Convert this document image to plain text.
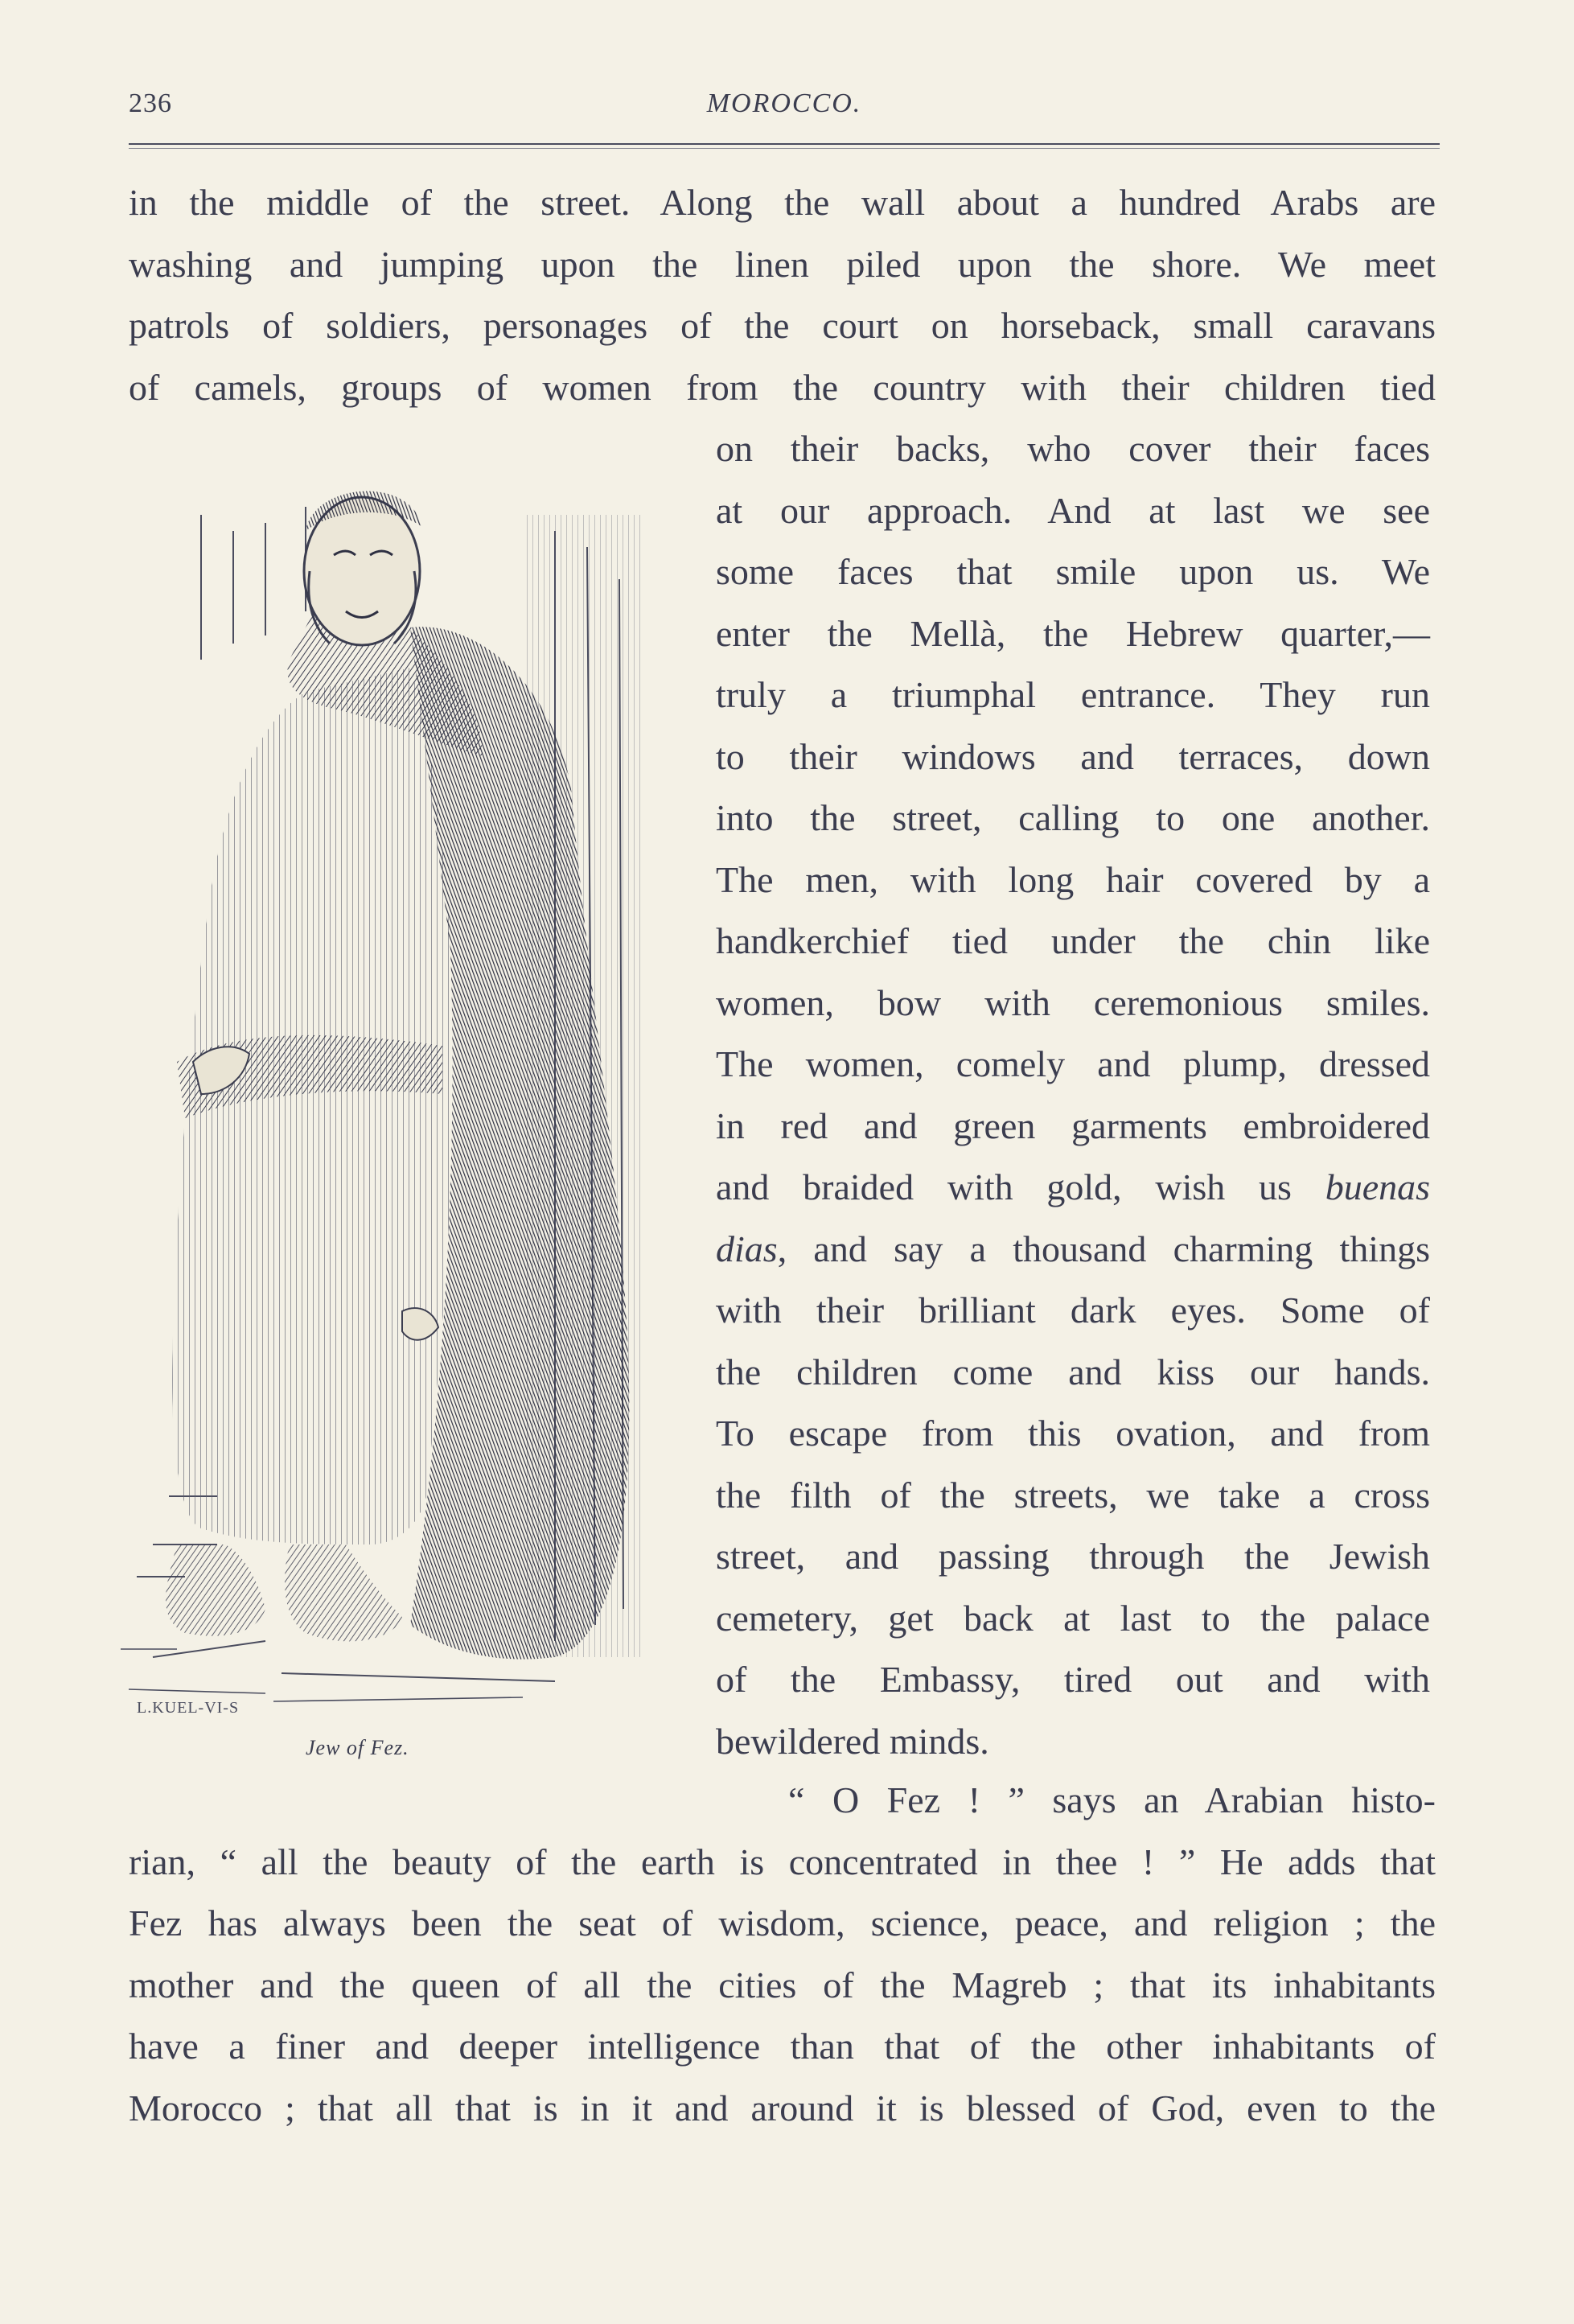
236	MOROCCO.
in the middle of the street. Along the wall about a hundred Arabs are
washing and jumping upon the linen piled upon the shore. We meet
patrols of soldiers, personages of the court on horseback, small caravans
of camels, groups of women from the country with their children tied
on their backs, who cover their faces
at our approach. And at last we see
some faces that smile upon us. We
enter the Mellà, the Hebrew quarter,—
truly a triumphal entrance. They run
to their windows and terraces, down
into the street, calling to one another.
The men, with long hair covered by a
handkerchief tied under the chin like
women, bow with ceremonious smiles.
The women, comely and plump, dressed
in red and green garments embroidered
and braided with gold, wish us buenas
dias, and say a thousand charming things
with their brilliant dark eyes. Some of
the children come and kiss our hands.
To escape from this ovation, and from
the filth of the streets, we take a cross
street, and passing through the Jewish
cemetery, get back at last to the palace
of the Embassy, tired out and with
bewildered minds.
“ O Fez ! ” says an Arabian histo-
rian, “ all the beauty of the earth is concentrated in thee ! ” He adds that
Fez has always been the seat of wisdom, science, peace, and religion ; the
mother and the queen of all the cities of the Magreb ; that its inhabitants
have a finer and deeper intelligence than that of the other inhabitants of
Morocco ; that all that is in it and around it is blessed of God, even to the
L.KUEL-VI-S
Jew of Fez.
